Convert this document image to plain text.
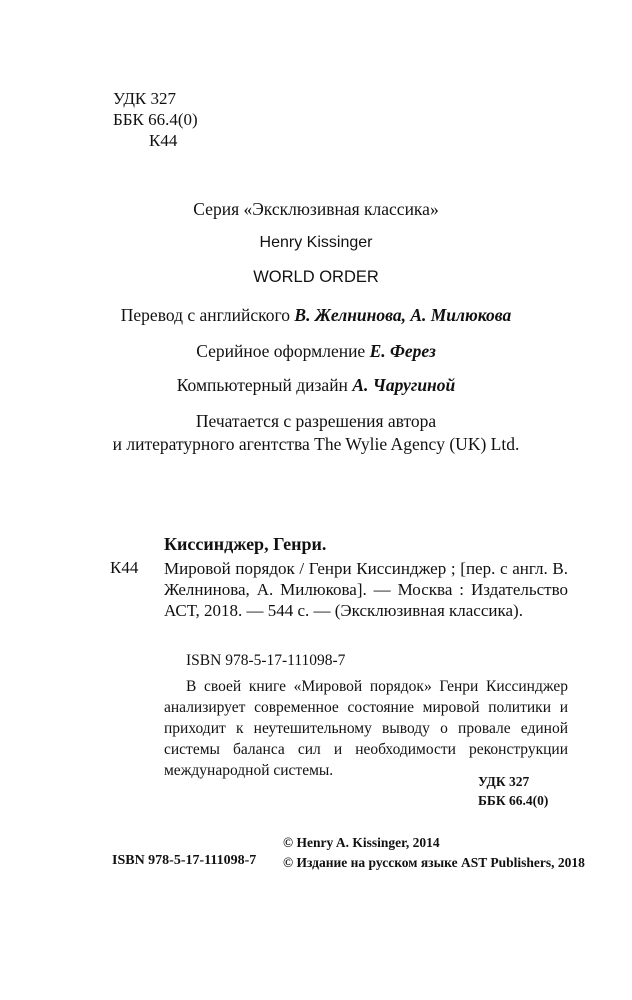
УДК 327
ББК 66.4(0)
К44
Серия «Эксклюзивная классика»
Henry Kissinger
WORLD ORDER
Перевод с английского В. Желнинова, А. Милюкова
Серийное оформление Е. Ферез
Компьютерный дизайн А. Чаругиной
Печатается с разрешения автора
и литературного агентства The Wylie Agency (UK) Ltd.
Киссинджер, Генри.
К44 Мировой порядок / Генри Киссинджер ; [пер. с англ. В. Желнинова, А. Милюкова]. — Москва : Издательство АСТ, 2018. — 544 с. — (Эксклюзивная классика).

ISBN 978-5-17-111098-7

В своей книге «Мировой порядок» Генри Киссинджер анализирует современное состояние мировой политики и приходит к неутешительному выводу о провале единой системы баланса сил и необходимости реконструкции международной системы.

УДК 327
ББК 66.4(0)
ISBN 978-5-17-111098-7
© Henry A. Kissinger, 2014
© Издание на русском языке AST Publishers, 2018
